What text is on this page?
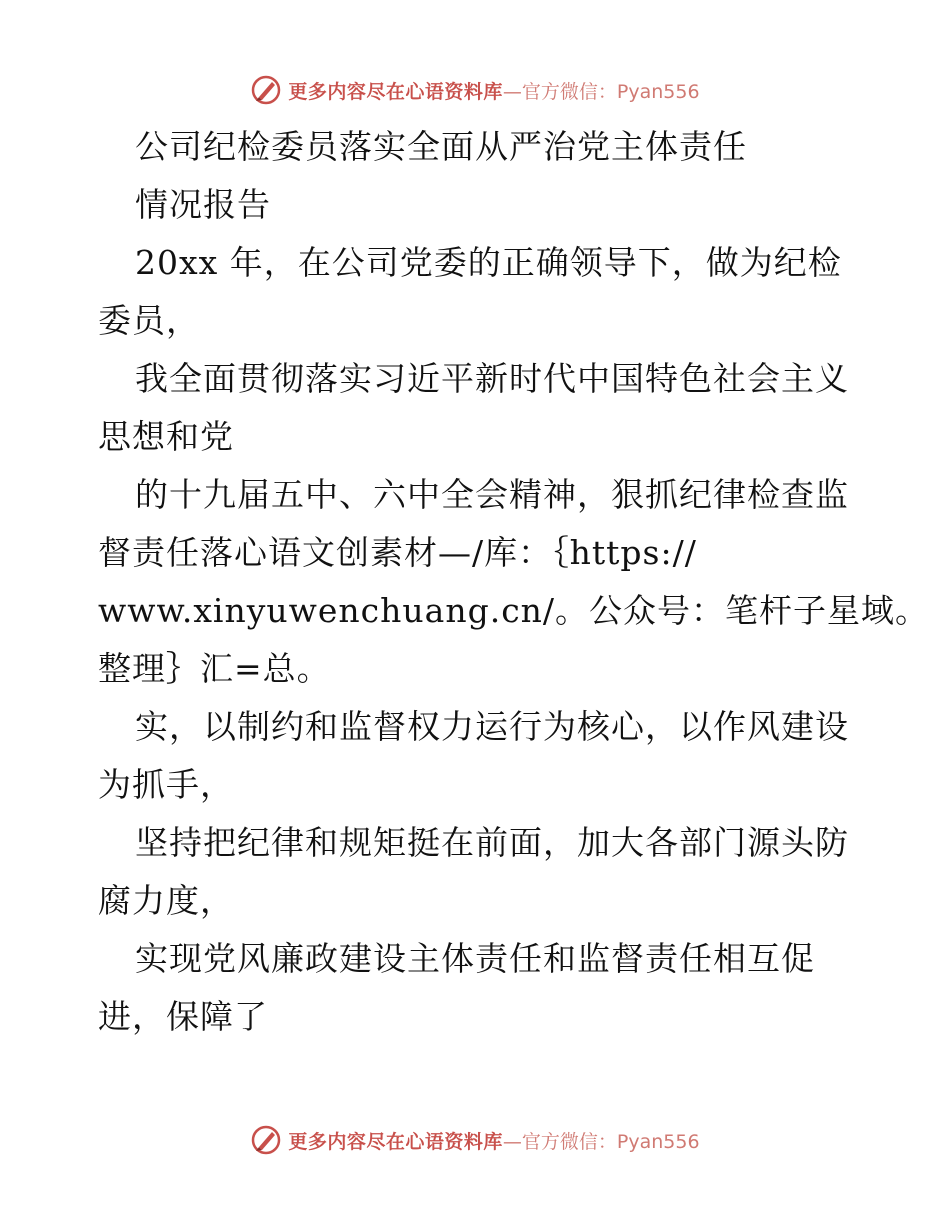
更多内容尽在心语资料库 —官方微信：Pyan556
公司纪检委员落实全面从严治党主体责任
情况报告
20xx 年，在公司党委的正确领导下，做为纪检
委员，
我全面贯彻落实习近平新时代中国特色社会主义
思想和党
的十九届五中、六中全会精神，狠抓纪律检查监
督责任落心语文创素材—/库：｛https://
www.xinyuwenchuang.cn/。公众号：笔杆子星域。
整理｝汇=总。
实，以制约和监督权力运行为核心，以作风建设
为抓手，
坚持把纪律和规矩挺在前面，加大各部门源头防
腐力度，
实现党风廉政建设主体责任和监督责任相互促
进，保障了
更多内容尽在心语资料库 —官方微信：Pyan556
